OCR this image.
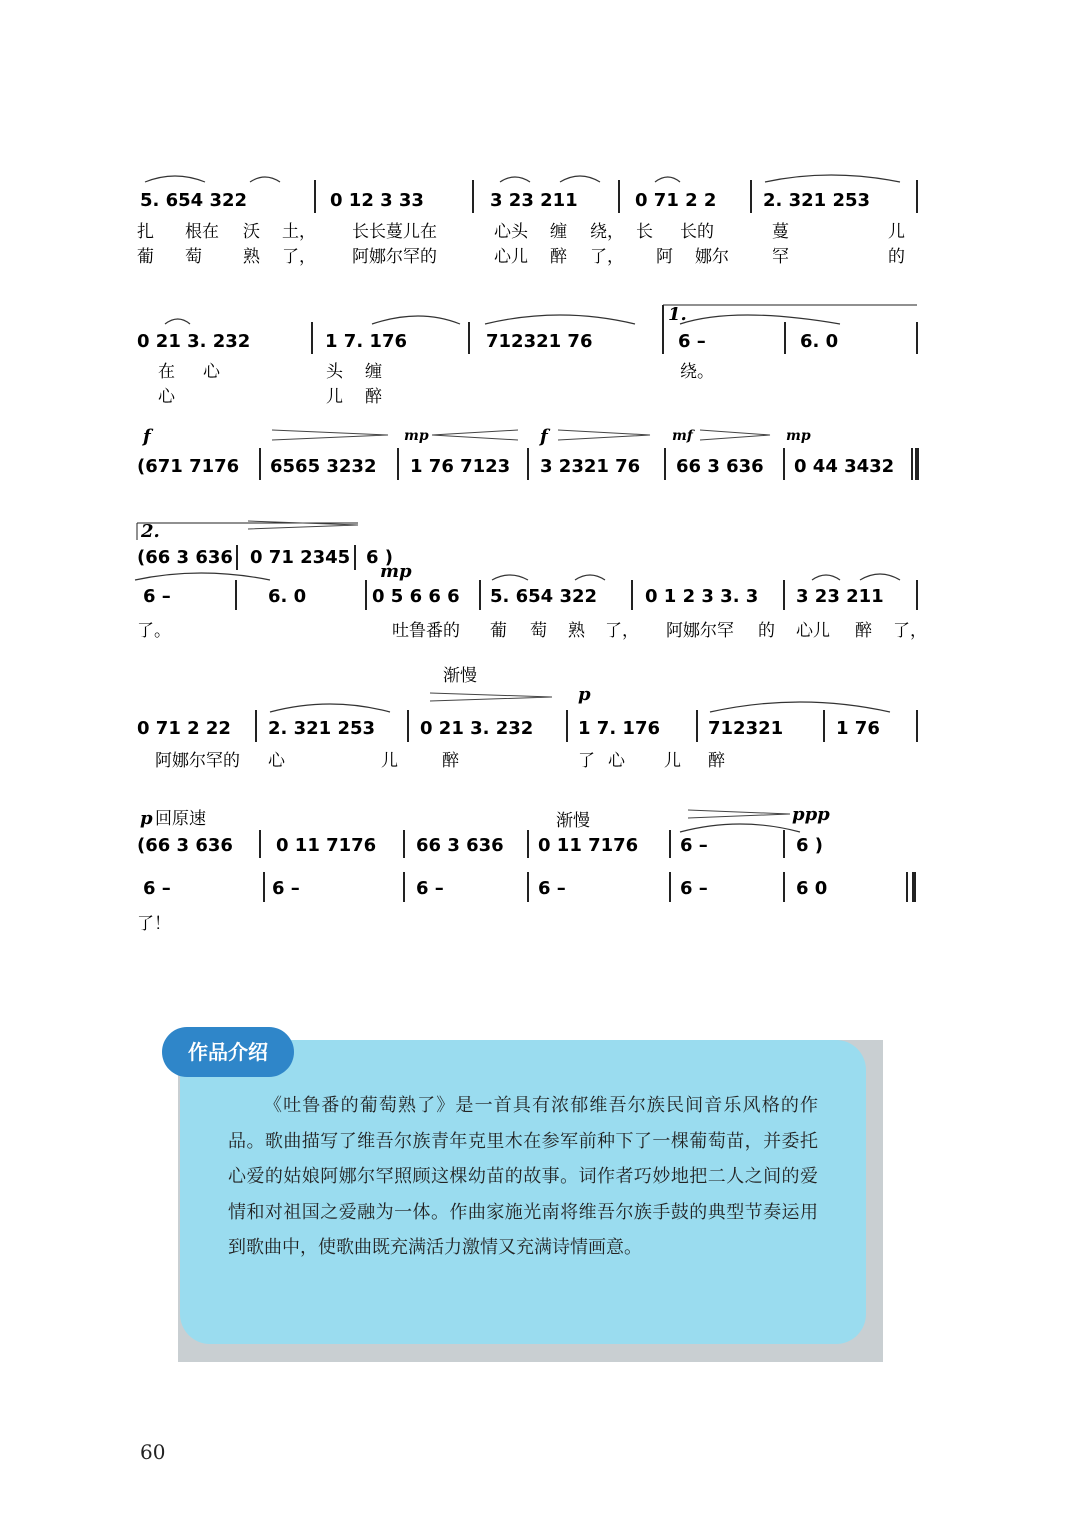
5. 654 322	0 12 3 33	3 23 211	0 71 2 2	2. 321 253
扎 根在 沃 土， 长长蔓儿在	心头 缠 绕， 长 长的	蔓	儿
葡 萄 熟 了， 阿娜尔罕的	心儿 醉 了， 阿 娜尔	罕	的
1.
0 21 3. 232	1 7. 176	712321 76	6 –	6. 0
在 心	头 缠	绕。
心	儿 醉
f	mp	f	mf	mp
(671 7176 6565 3232 1 76 7123 3 2321 76 66 3 636 0 44 3432
2.
(66 3 636 0 71 2345 6 )
mp
6 –	6. 0	0 5 6 6 6 5. 654 322	0 1 2 3 3. 3 3 23 211
了。	吐鲁番的 葡 萄 熟 了， 阿娜尔罕 的 心儿 醉 了，
渐慢
p
0 71 2 22 2. 321 253 0 21 3. 232 1 7. 176	712321	1 76
阿娜尔罕的 心	儿	醉	了 心 儿 醉
p 回原速	渐慢	ppp
(66 3 636 0 11 7176 66 3 636 0 11 7176 6 –	6 )
6 –	6 –	6 –	6 –	6 –	6 0
了！
作品介绍

《吐鲁番的葡萄熟了》是一首具有浓郁维吾尔族民间音乐风格的作品。歌曲描写了维吾尔族青年克里木在参军前种下了一棵葡萄苗，并委托心爱的姑娘阿娜尔罕照顾这棵幼苗的故事。词作者巧妙地把二人之间的爱情和对祖国之爱融为一体。作曲家施光南将维吾尔族手鼓的典型节奏运用到歌曲中，使歌曲既充满活力激情又充满诗情画意。

60
